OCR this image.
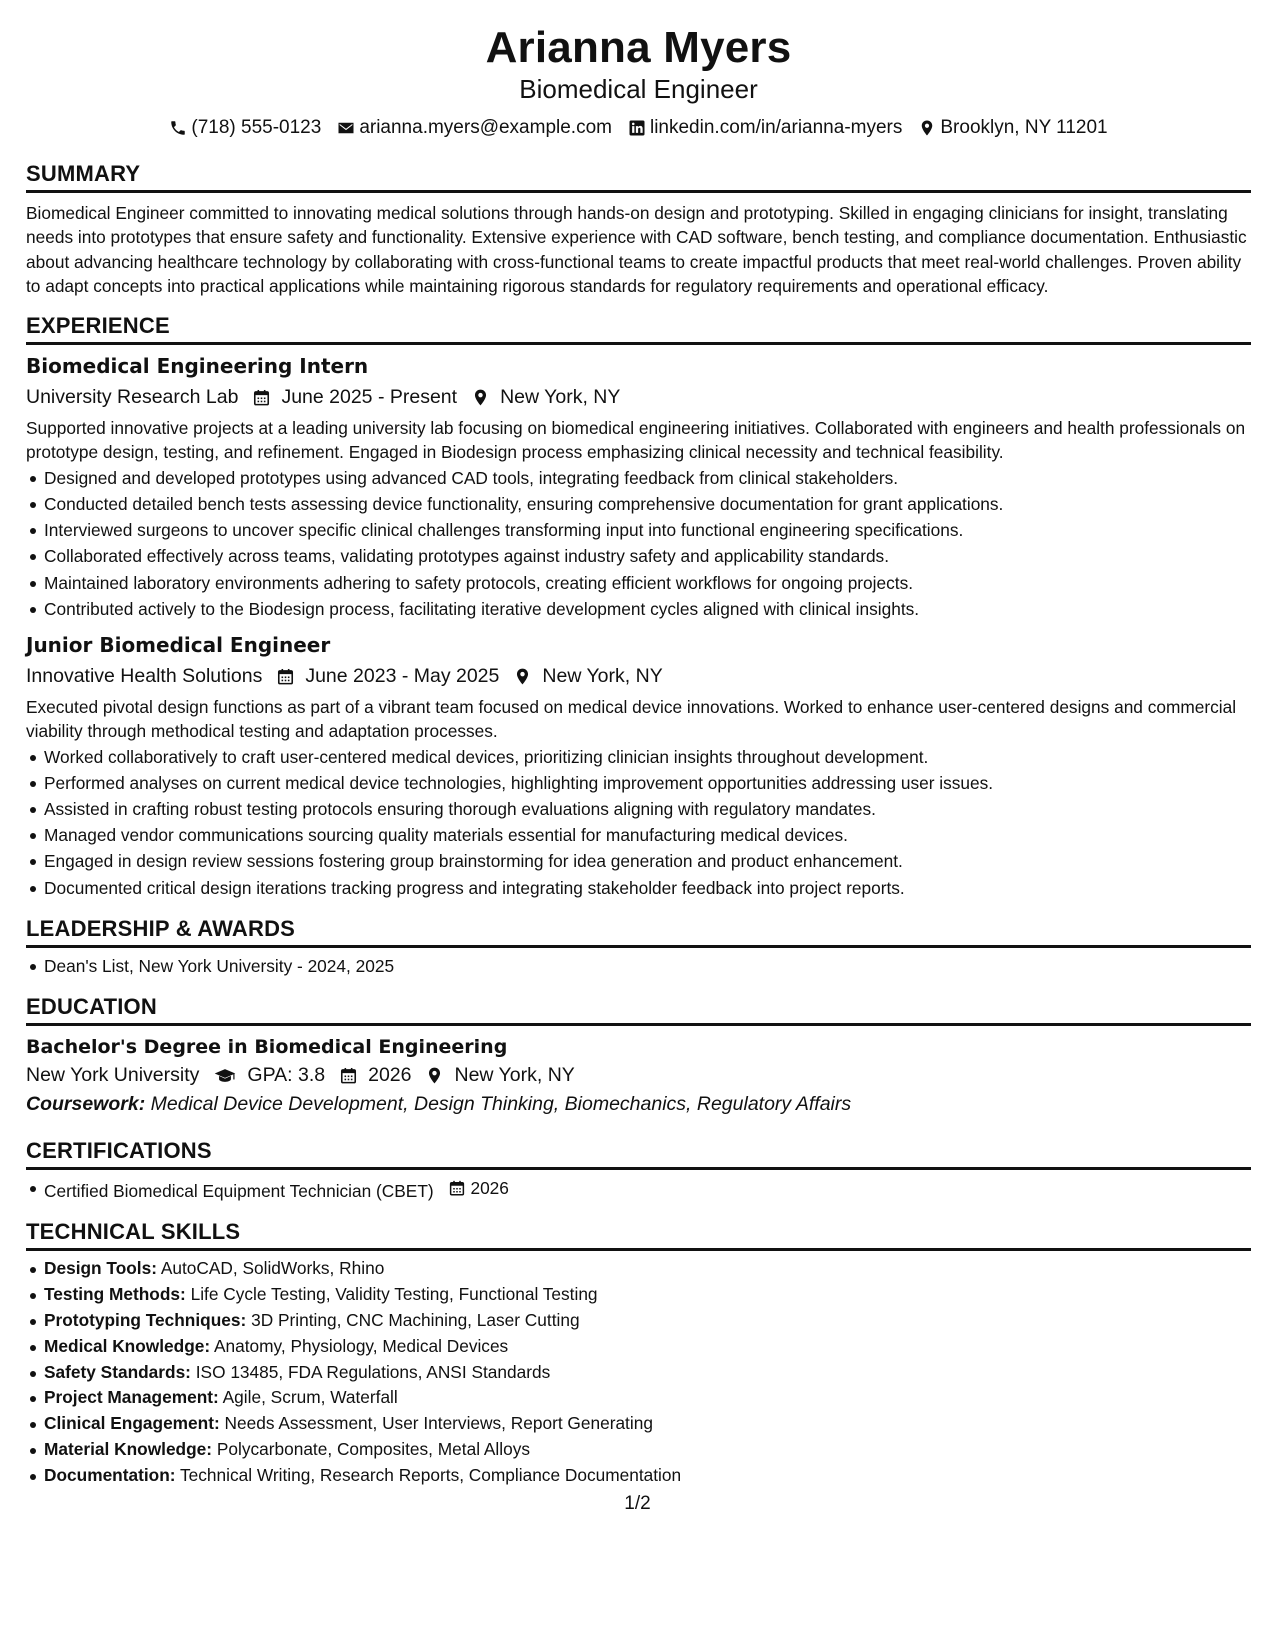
Arianna Myers
Biomedical Engineer
(718) 555-0123 arianna.myers@example.com linkedin.com/in/arianna-myers Brooklyn, NY 11201
SUMMARY
Biomedical Engineer committed to innovating medical solutions through hands-on design and prototyping. Skilled in engaging clinicians for insight, translating needs into prototypes that ensure safety and functionality. Extensive experience with CAD software, bench testing, and compliance documentation. Enthusiastic about advancing healthcare technology by collaborating with cross-functional teams to create impactful products that meet real-world challenges. Proven ability to adapt concepts into practical applications while maintaining rigorous standards for regulatory requirements and operational efficacy.
EXPERIENCE
Biomedical Engineering Intern
University Research Lab June 2025 - Present New York, NY
Supported innovative projects at a leading university lab focusing on biomedical engineering initiatives. Collaborated with engineers and health professionals on prototype design, testing, and refinement. Engaged in Biodesign process emphasizing clinical necessity and technical feasibility.
Designed and developed prototypes using advanced CAD tools, integrating feedback from clinical stakeholders.
Conducted detailed bench tests assessing device functionality, ensuring comprehensive documentation for grant applications.
Interviewed surgeons to uncover specific clinical challenges transforming input into functional engineering specifications.
Collaborated effectively across teams, validating prototypes against industry safety and applicability standards.
Maintained laboratory environments adhering to safety protocols, creating efficient workflows for ongoing projects.
Contributed actively to the Biodesign process, facilitating iterative development cycles aligned with clinical insights.
Junior Biomedical Engineer
Innovative Health Solutions June 2023 - May 2025 New York, NY
Executed pivotal design functions as part of a vibrant team focused on medical device innovations. Worked to enhance user-centered designs and commercial viability through methodical testing and adaptation processes.
Worked collaboratively to craft user-centered medical devices, prioritizing clinician insights throughout development.
Performed analyses on current medical device technologies, highlighting improvement opportunities addressing user issues.
Assisted in crafting robust testing protocols ensuring thorough evaluations aligning with regulatory mandates.
Managed vendor communications sourcing quality materials essential for manufacturing medical devices.
Engaged in design review sessions fostering group brainstorming for idea generation and product enhancement.
Documented critical design iterations tracking progress and integrating stakeholder feedback into project reports.
LEADERSHIP & AWARDS
Dean's List, New York University - 2024, 2025
EDUCATION
Bachelor's Degree in Biomedical Engineering
New York University GPA: 3.8 2026 New York, NY
Coursework: Medical Device Development, Design Thinking, Biomechanics, Regulatory Affairs
CERTIFICATIONS
Certified Biomedical Equipment Technician (CBET) 2026
TECHNICAL SKILLS
Design Tools: AutoCAD, SolidWorks, Rhino
Testing Methods: Life Cycle Testing, Validity Testing, Functional Testing
Prototyping Techniques: 3D Printing, CNC Machining, Laser Cutting
Medical Knowledge: Anatomy, Physiology, Medical Devices
Safety Standards: ISO 13485, FDA Regulations, ANSI Standards
Project Management: Agile, Scrum, Waterfall
Clinical Engagement: Needs Assessment, User Interviews, Report Generating
Material Knowledge: Polycarbonate, Composites, Metal Alloys
Documentation: Technical Writing, Research Reports, Compliance Documentation
1/2
